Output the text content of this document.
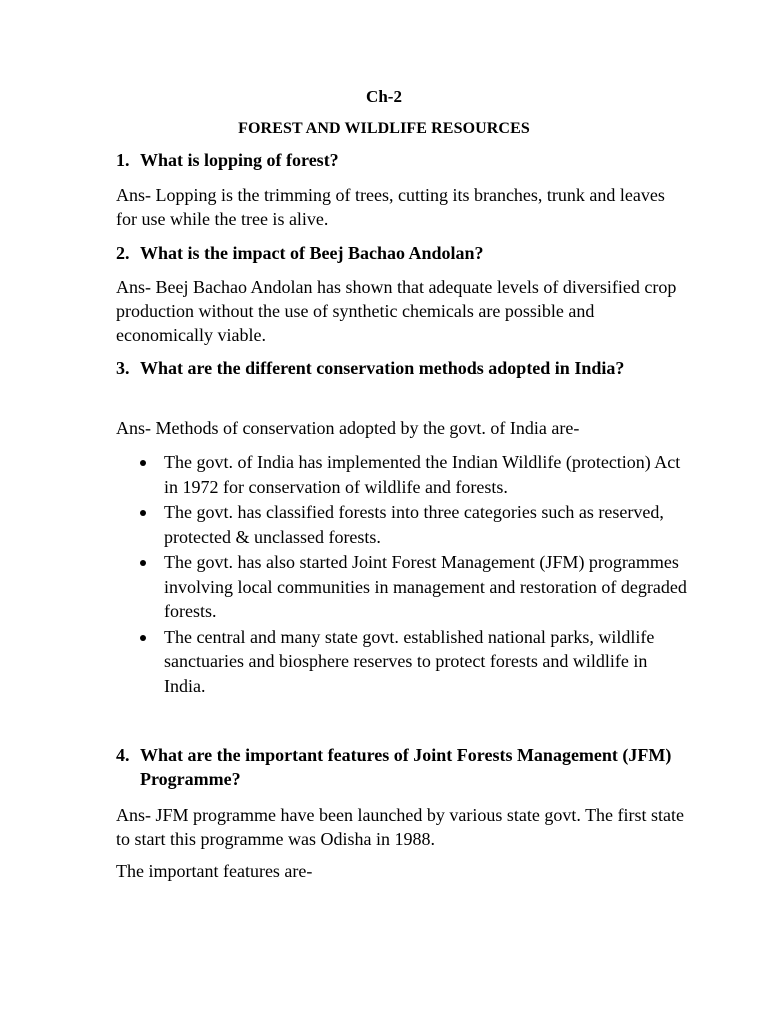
Ch-2
FOREST AND WILDLIFE RESOURCES
1. What is lopping of forest?
Ans- Lopping is the trimming of trees, cutting its branches, trunk and leaves for use while the tree is alive.
2. What is the impact of Beej Bachao Andolan?
Ans- Beej Bachao Andolan has shown that adequate levels of diversified crop production without the use of synthetic chemicals are possible and economically viable.
3. What are the different conservation methods adopted in India?
Ans- Methods of conservation adopted by the govt. of India are-
The govt. of India has implemented the Indian Wildlife (protection) Act in 1972 for conservation of wildlife and forests.
The govt. has classified forests into three categories such as reserved, protected & unclassed forests.
The govt. has also started Joint Forest Management (JFM) programmes involving local communities in management and restoration of degraded forests.
The central and many state govt. established national parks, wildlife sanctuaries and biosphere reserves to protect forests and wildlife in India.
4. What are the important features of Joint Forests Management (JFM) Programme?
Ans- JFM programme have been launched by various state govt. The first state to start this programme was Odisha in 1988.
The important features are-
